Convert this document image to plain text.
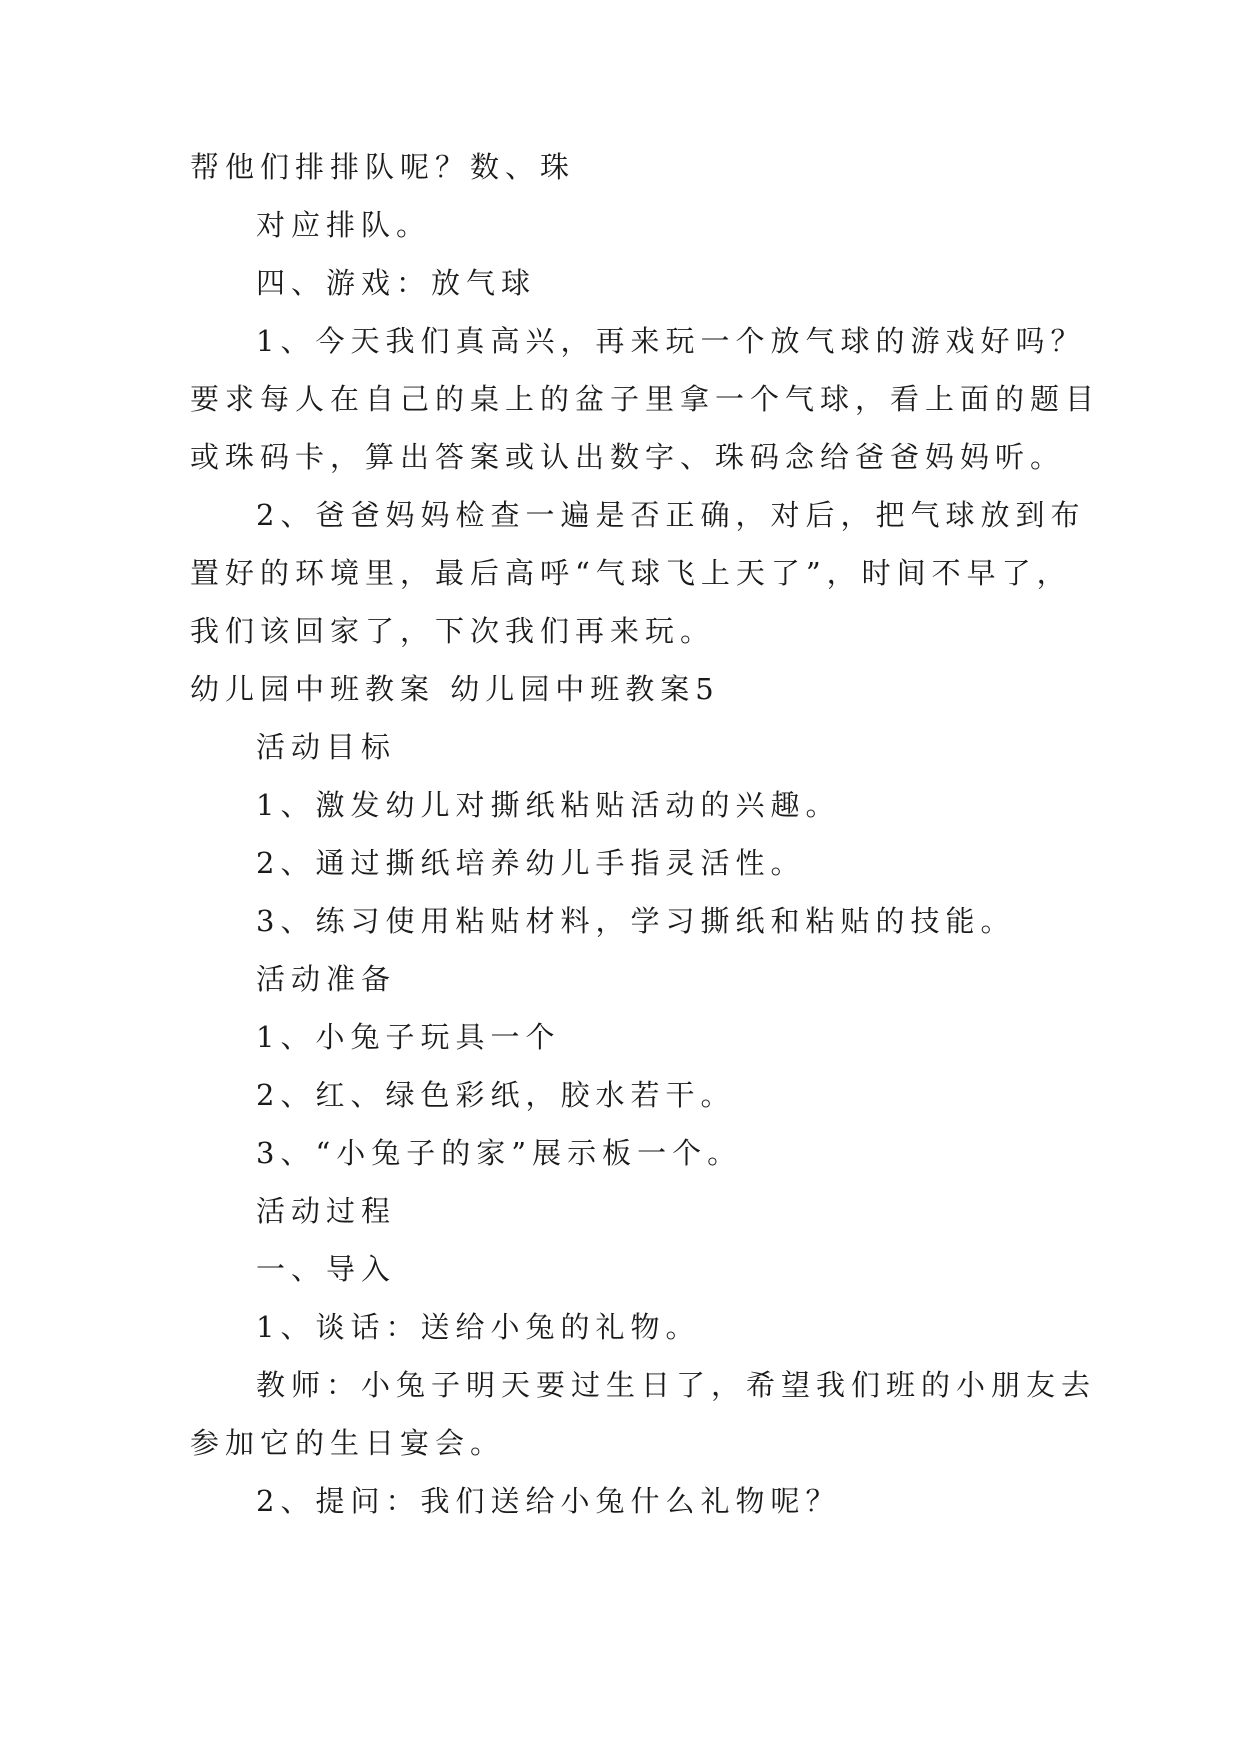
帮他们排排队呢？数、珠
对应排队。
四、游戏：放气球
1、今天我们真高兴，再来玩一个放气球的游戏好吗？
要求每人在自己的桌上的盆子里拿一个气球，看上面的题目
或珠码卡，算出答案或认出数字、珠码念给爸爸妈妈听。
2、爸爸妈妈检查一遍是否正确，对后，把气球放到布
置好的环境里，最后高呼“气球飞上天了”，时间不早了，
我们该回家了，下次我们再来玩。
幼儿园中班教案 幼儿园中班教案5
活动目标
1、激发幼儿对撕纸粘贴活动的兴趣。
2、通过撕纸培养幼儿手指灵活性。
3、练习使用粘贴材料，学习撕纸和粘贴的技能。
活动准备
1、小兔子玩具一个
2、红、绿色彩纸，胶水若干。
3、“小兔子的家”展示板一个。
活动过程
一、导入
1、谈话：送给小兔的礼物。
教师：小兔子明天要过生日了，希望我们班的小朋友去
参加它的生日宴会。
2、提问：我们送给小兔什么礼物呢？
